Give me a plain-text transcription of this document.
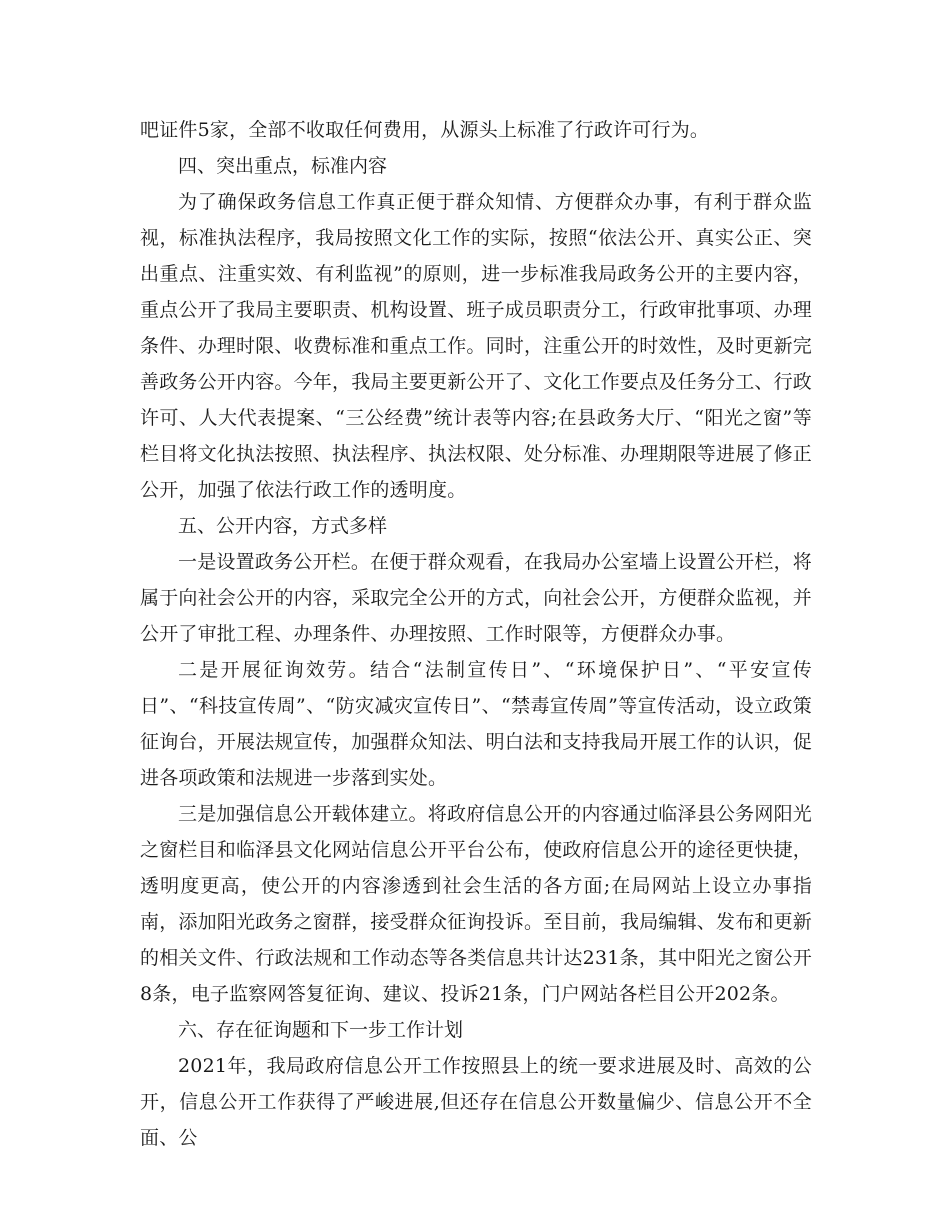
吧证件5家，全部不收取任何费用，从源头上标准了行政许可行为。

四、突出重点，标准内容

为了确保政务信息工作真正便于群众知情、方便群众办事，有利于群众监视，标准执法程序，我局按照文化工作的实际，按照“依法公开、真实公正、突出重点、注重实效、有利监视”的原则，进一步标准我局政务公开的主要内容，重点公开了我局主要职责、机构设置、班子成员职责分工，行政审批事项、办理条件、办理时限、收费标准和重点工作。同时，注重公开的时效性，及时更新完善政务公开内容。今年，我局主要更新公开了、文化工作要点及任务分工、行政许可、人大代表提案、“三公经费”统计表等内容;在县政务大厅、“阳光之窗”等栏目将文化执法按照、执法程序、执法权限、处分标准、办理期限等进展了修正公开，加强了依法行政工作的透明度。

五、公开内容，方式多样

一是设置政务公开栏。在便于群众观看，在我局办公室墙上设置公开栏，将属于向社会公开的内容，采取完全公开的方式，向社会公开，方便群众监视，并公开了审批工程、办理条件、办理按照、工作时限等，方便群众办事。

二是开展征询效劳。结合“法制宣传日”、“环境保护日”、“平安宣传日”、“科技宣传周”、“防灾减灾宣传日”、“禁毒宣传周”等宣传活动，设立政策征询台，开展法规宣传，加强群众知法、明白法和支持我局开展工作的认识，促进各项政策和法规进一步落到实处。

三是加强信息公开载体建立。将政府信息公开的内容通过临泽县公务网阳光之窗栏目和临泽县文化网站信息公开平台公布，使政府信息公开的途径更快捷，透明度更高，使公开的内容渗透到社会生活的各方面;在局网站上设立办事指南，添加阳光政务之窗群，接受群众征询投诉。至目前，我局编辑、发布和更新的相关文件、行政法规和工作动态等各类信息共计达231条，其中阳光之窗公开8条，电子监察网答复征询、建议、投诉21条，门户网站各栏目公开202条。

六、存在征询题和下一步工作计划

2021年，我局政府信息公开工作按照县上的统一要求进展及时、高效的公开，信息公开工作获得了严峻进展,但还存在信息公开数量偏少、信息公开不全面、公
